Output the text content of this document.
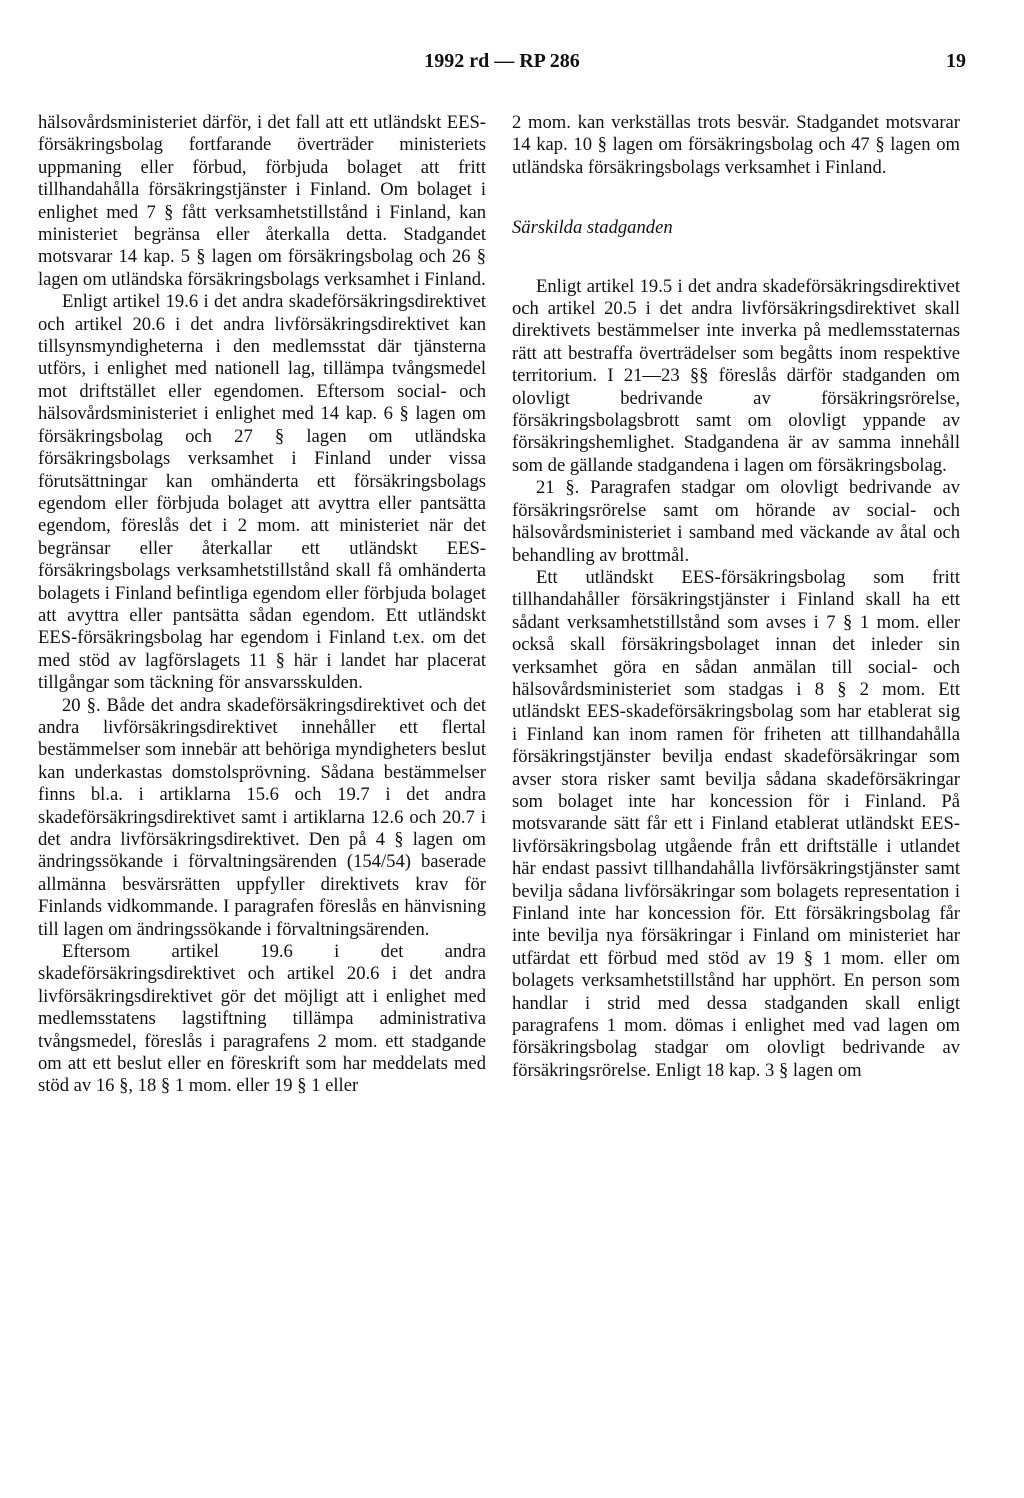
1992 rd — RP 286	19

hälsovårdsministeriet därför, i det fall att ett utländskt EES-försäkringsbolag fortfarande överträder ministeriets uppmaning eller förbud, förbjuda bolaget att fritt tillhandahålla försäkringstjänster i Finland. Om bolaget i enlighet med 7 § fått verksamhetstillstånd i Finland, kan ministeriet begränsa eller återkalla detta. Stadgandet motsvarar 14 kap. 5 § lagen om försäkringsbolag och 26 § lagen om utländska försäkringsbolags verksamhet i Finland.

Enligt artikel 19.6 i det andra skadeförsäkringsdirektivet och artikel 20.6 i det andra livförsäkringsdirektivet kan tillsynsmyndigheterna i den medlemsstat där tjänsterna utförs, i enlighet med nationell lag, tillämpa tvångsmedel mot driftstället eller egendomen. Eftersom social- och hälsovårdsministeriet i enlighet med 14 kap. 6 § lagen om försäkringsbolag och 27 § lagen om utländska försäkringsbolags verksamhet i Finland under vissa förutsättningar kan omhänderta ett försäkringsbolags egendom eller förbjuda bolaget att avyttra eller pantsätta egendom, föreslås det i 2 mom. att ministeriet när det begränsar eller återkallar ett utländskt EES-försäkringsbolags verksamhetstillstånd skall få omhänderta bolagets i Finland befintliga egendom eller förbjuda bolaget att avyttra eller pantsätta sådan egendom. Ett utländskt EES-försäkringsbolag har egendom i Finland t.ex. om det med stöd av lagförslagets 11 § här i landet har placerat tillgångar som täckning för ansvarsskulden.

20 §. Både det andra skadeförsäkringsdirektivet och det andra livförsäkringsdirektivet innehåller ett flertal bestämmelser som innebär att behöriga myndigheters beslut kan underkastas domstolsprövning. Sådana bestämmelser finns bl.a. i artiklarna 15.6 och 19.7 i det andra skadeförsäkringsdirektivet samt i artiklarna 12.6 och 20.7 i det andra livförsäkringsdirektivet. Den på 4 § lagen om ändringssökande i förvaltningsärenden (154/54) baserade allmänna besvärsrätten uppfyller direktivets krav för Finlands vidkommande. I paragrafen föreslås en hänvisning till lagen om ändringssökande i förvaltningsärenden.

Eftersom artikel 19.6 i det andra skadeförsäkringsdirektivet och artikel 20.6 i det andra livförsäkringsdirektivet gör det möjligt att i enlighet med medlemsstatens lagstiftning tillämpa administrativa tvångsmedel, föreslås i paragrafens 2 mom. ett stadgande om att ett beslut eller en föreskrift som har meddelats med stöd av 16 §, 18 § 1 mom. eller 19 § 1 eller

2 mom. kan verkställas trots besvär. Stadgandet motsvarar 14 kap. 10 § lagen om försäkringsbolag och 47 § lagen om utländska försäkringsbolags verksamhet i Finland.

Särskilda stadganden

Enligt artikel 19.5 i det andra skadeförsäkringsdirektivet och artikel 20.5 i det andra livförsäkringsdirektivet skall direktivets bestämmelser inte inverka på medlemsstaternas rätt att bestraffa överträdelser som begåtts inom respektive territorium. I 21—23 §§ föreslås därför stadganden om olovligt bedrivande av försäkringsrörelse, försäkringsbolagsbrott samt om olovligt yppande av försäkringshemlighet. Stadgandena är av samma innehåll som de gällande stadgandena i lagen om försäkringsbolag.

21 §. Paragrafen stadgar om olovligt bedrivande av försäkringsrörelse samt om hörande av social- och hälsovårdsministeriet i samband med väckande av åtal och behandling av brottmål.

Ett utländskt EES-försäkringsbolag som fritt tillhandahåller försäkringstjänster i Finland skall ha ett sådant verksamhetstillstånd som avses i 7 § 1 mom. eller också skall försäkringsbolaget innan det inleder sin verksamhet göra en sådan anmälan till social- och hälsovårdsministeriet som stadgas i 8 § 2 mom. Ett utländskt EES-skadeförsäkringsbolag som har etablerat sig i Finland kan inom ramen för friheten att tillhandahålla försäkringstjänster bevilja endast skadeförsäkringar som avser stora risker samt bevilja sådana skadeförsäkringar som bolaget inte har koncession för i Finland. På motsvarande sätt får ett i Finland etablerat utländskt EES-livförsäkringsbolag utgående från ett driftställe i utlandet här endast passivt tillhandahålla livförsäkringstjänster samt bevilja sådana livförsäkringar som bolagets representation i Finland inte har koncession för. Ett försäkringsbolag får inte bevilja nya försäkringar i Finland om ministeriet har utfärdat ett förbud med stöd av 19 § 1 mom. eller om bolagets verksamhetstillstånd har upphört. En person som handlar i strid med dessa stadganden skall enligt paragrafens 1 mom. dömas i enlighet med vad lagen om försäkringsbolag stadgar om olovligt bedrivande av försäkringsrörelse. Enligt 18 kap. 3 § lagen om
